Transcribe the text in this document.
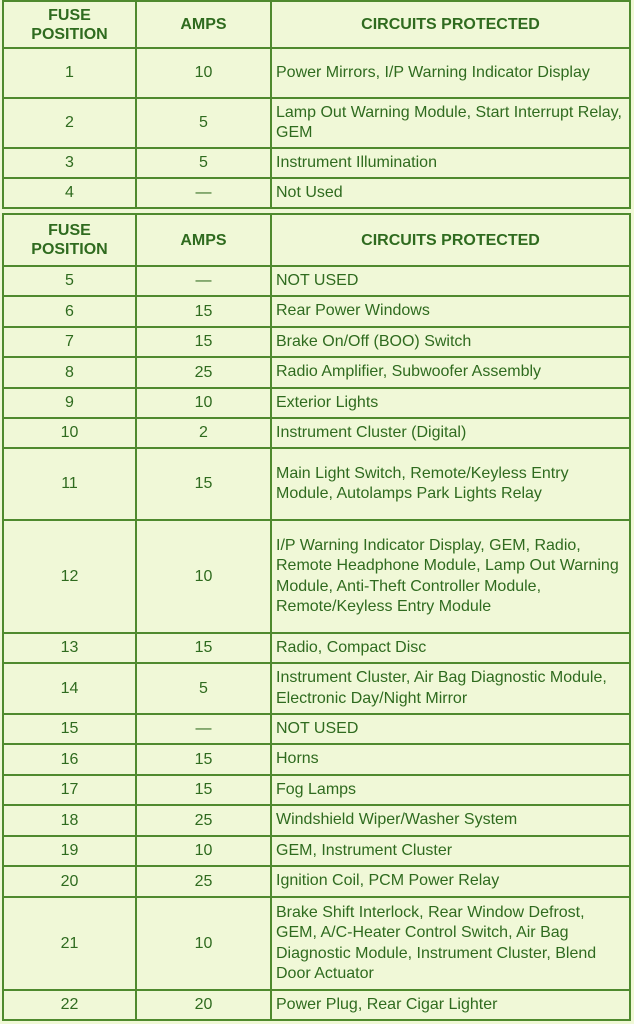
FUSE POSITION	AMPS	CIRCUITS PROTECTED
1	10	Power Mirrors, I/P Warning Indicator Display
2	5	Lamp Out Warning Module, Start Interrupt Relay, GEM
3	5	Instrument Illumination
4	—	Not Used
FUSE POSITION	AMPS	CIRCUITS PROTECTED
5	—	NOT USED
6	15	Rear Power Windows
7	15	Brake On/Off (BOO) Switch
8	25	Radio Amplifier, Subwoofer Assembly
9	10	Exterior Lights
10	2	Instrument Cluster (Digital)
11	15	Main Light Switch, Remote/Keyless Entry Module, Autolamps Park Lights Relay
12	10	I/P Warning Indicator Display, GEM, Radio, Remote Headphone Module, Lamp Out Warning Module, Anti-Theft Controller Module, Remote/Keyless Entry Module
13	15	Radio, Compact Disc
14	5	Instrument Cluster, Air Bag Diagnostic Module, Electronic Day/Night Mirror
15	—	NOT USED
16	15	Horns
17	15	Fog Lamps
18	25	Windshield Wiper/Washer System
19	10	GEM, Instrument Cluster
20	25	Ignition Coil, PCM Power Relay
21	10	Brake Shift Interlock, Rear Window Defrost, GEM, A/C-Heater Control Switch, Air Bag Diagnostic Module, Instrument Cluster, Blend Door Actuator
22	20	Power Plug, Rear Cigar Lighter
